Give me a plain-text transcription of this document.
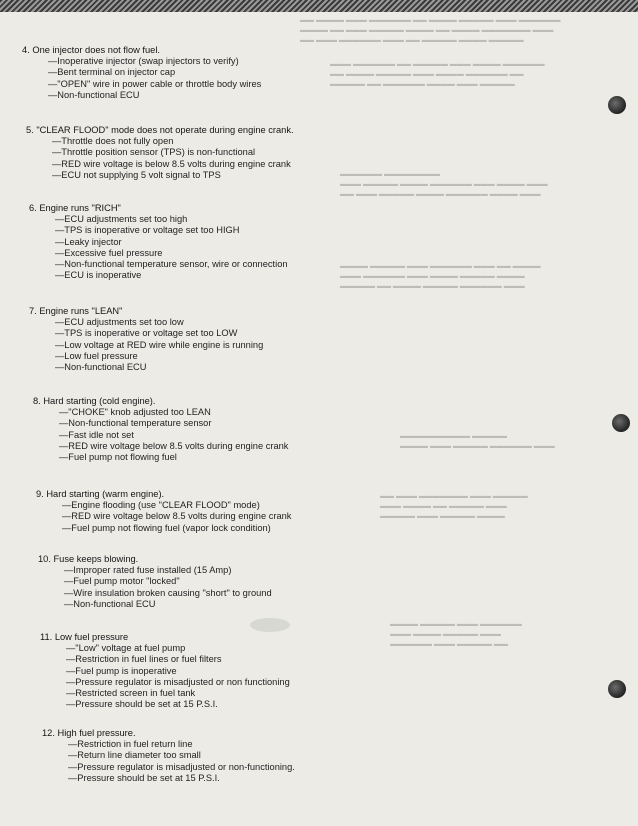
▬▬ ▬▬▬▬ ▬▬▬ ▬▬▬▬▬▬ ▬▬ ▬▬▬▬ ▬▬▬▬▬ ▬▬▬ ▬▬▬▬▬▬
▬▬▬▬ ▬▬ ▬▬▬ ▬▬▬▬▬ ▬▬▬▬ ▬▬ ▬▬▬▬ ▬▬▬▬▬▬▬ ▬▬▬
▬▬ ▬▬▬ ▬▬▬▬▬▬ ▬▬▬ ▬▬ ▬▬▬▬▬ ▬▬▬▬ ▬▬▬▬▬
▬▬▬ ▬▬▬▬▬▬ ▬▬ ▬▬▬▬▬ ▬▬▬ ▬▬▬▬ ▬▬▬▬▬▬
▬▬ ▬▬▬▬ ▬▬▬▬▬ ▬▬▬ ▬▬▬▬ ▬▬▬▬▬▬ ▬▬
▬▬▬▬▬ ▬▬ ▬▬▬▬▬▬ ▬▬▬▬ ▬▬▬ ▬▬▬▬▬
▬▬▬▬▬▬ ▬▬▬▬▬▬▬▬
▬▬▬ ▬▬▬▬▬ ▬▬▬▬ ▬▬▬▬▬▬ ▬▬▬ ▬▬▬▬ ▬▬▬
▬▬ ▬▬▬ ▬▬▬▬▬ ▬▬▬▬ ▬▬▬▬▬▬ ▬▬▬▬ ▬▬▬
▬▬▬▬ ▬▬▬▬▬ ▬▬▬ ▬▬▬▬▬▬ ▬▬▬ ▬▬ ▬▬▬▬
▬▬▬ ▬▬▬▬▬▬ ▬▬▬ ▬▬▬▬ ▬▬▬▬▬ ▬▬▬▬
▬▬▬▬▬ ▬▬ ▬▬▬▬ ▬▬▬▬▬ ▬▬▬▬▬▬ ▬▬▬
▬▬▬▬▬▬▬▬▬▬ ▬▬▬▬▬
▬▬▬▬ ▬▬▬ ▬▬▬▬▬ ▬▬▬▬▬▬ ▬▬▬
▬▬ ▬▬▬ ▬▬▬▬▬▬▬ ▬▬▬ ▬▬▬▬▬
▬▬▬ ▬▬▬▬ ▬▬ ▬▬▬▬▬ ▬▬▬
▬▬▬▬▬ ▬▬▬ ▬▬▬▬▬ ▬▬▬▬
▬▬▬▬ ▬▬▬▬▬ ▬▬▬ ▬▬▬▬▬▬
▬▬▬ ▬▬▬▬ ▬▬▬▬▬ ▬▬▬
▬▬▬▬▬▬ ▬▬▬ ▬▬▬▬▬ ▬▬
4. One injector does not flow fuel.

—Inoperative injector (swap injectors to verify)

—Bent terminal on injector cap

—"OPEN" wire in power cable or throttle body wires

—Non-functional ECU

5. "CLEAR FLOOD" mode does not operate during engine crank.

—Throttle does not fully open

—Throttle position sensor (TPS) is non-functional

—RED wire voltage is below 8.5 volts during engine crank

—ECU not supplying 5 volt signal to TPS

6. Engine runs "RICH"

—ECU adjustments set too high

—TPS is inoperative or voltage set too HIGH

—Leaky injector

—Excessive fuel pressure

—Non-functional temperature sensor, wire or connection

—ECU is inoperative

7. Engine runs "LEAN"

—ECU adjustments set too low

—TPS is inoperative or voltage set too LOW

—Low voltage at RED wire while engine is running

—Low fuel pressure

—Non-functional ECU

8. Hard starting (cold engine).

—"CHOKE" knob adjusted too LEAN

—Non-functional temperature sensor

—Fast idle not set

—RED wire voltage below 8.5 volts during engine crank

—Fuel pump not flowing fuel

9. Hard starting (warm engine).

—Engine flooding (use "CLEAR FLOOD" mode)

—RED wire voltage below 8.5 volts during engine crank

—Fuel pump not flowing fuel (vapor lock condition)

10. Fuse keeps blowing.

—Improper rated fuse installed (15 Amp)

—Fuel pump motor "locked"

—Wire insulation broken causing "short" to ground

—Non-functional ECU

11. Low fuel pressure

—"Low" voltage at fuel pump

—Restriction in fuel lines or fuel filters

—Fuel pump is inoperative

—Pressure regulator is misadjusted or non functioning

—Restricted screen in fuel tank

—Pressure should be set at 15 P.S.I.

12. High fuel pressure.

—Restriction in fuel return line

—Return line diameter too small

—Pressure regulator is misadjusted or non-functioning.

—Pressure should be set at 15 P.S.I.
